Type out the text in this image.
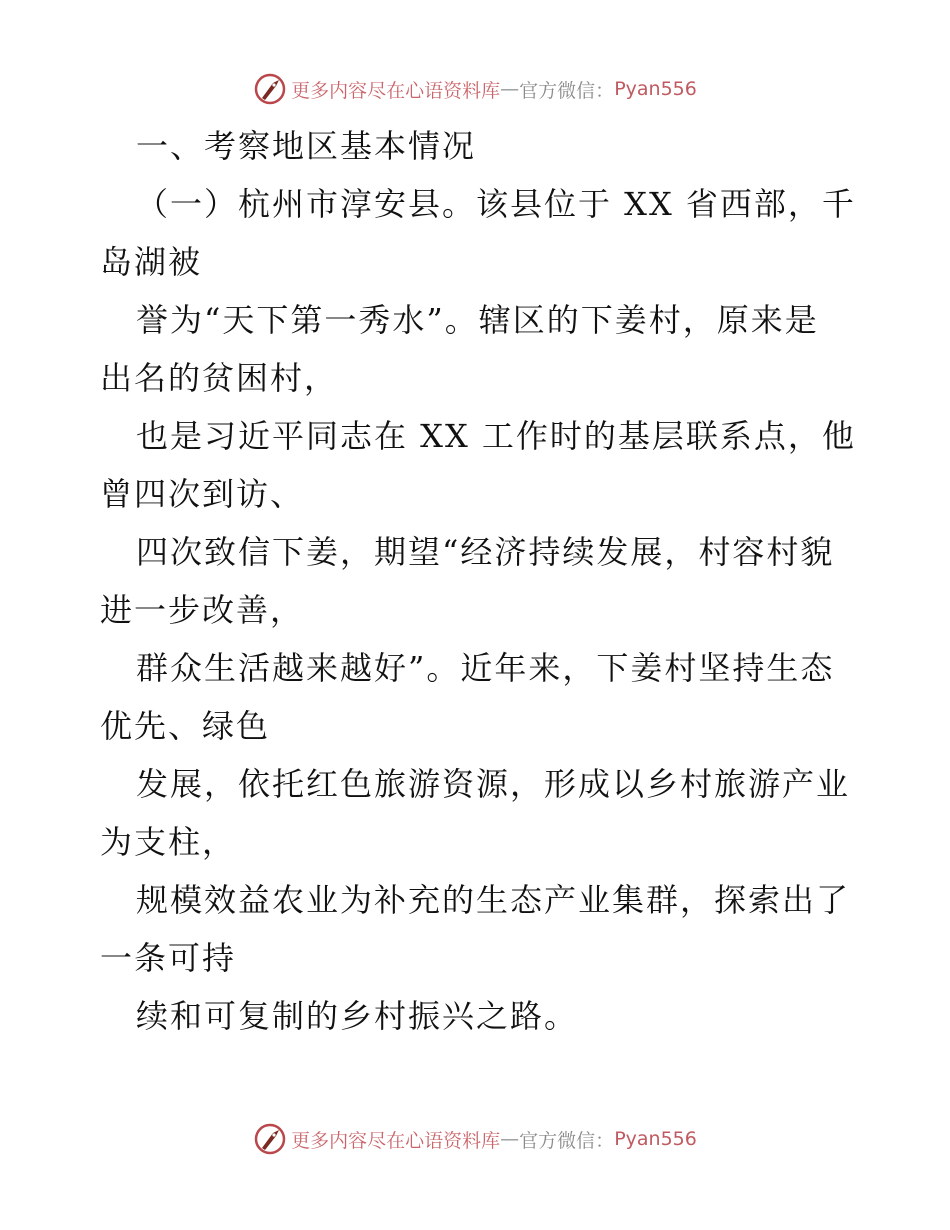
更多内容尽在心语资料库 — 官方微信： Pyan556
一、考察地区基本情况
（一）杭州市淳安县。该县位于 XX 省西部，千
岛湖被
誉为“天下第一秀水”。辖区的下姜村，原来是
出名的贫困村，
也是习近平同志在 XX 工作时的基层联系点，他
曾四次到访、
四次致信下姜，期望“经济持续发展，村容村貌
进一步改善，
群众生活越来越好”。近年来，下姜村坚持生态
优先、绿色
发展，依托红色旅游资源，形成以乡村旅游产业
为支柱，
规模效益农业为补充的生态产业集群，探索出了
一条可持
续和可复制的乡村振兴之路。
更多内容尽在心语资料库 — 官方微信： Pyan556
